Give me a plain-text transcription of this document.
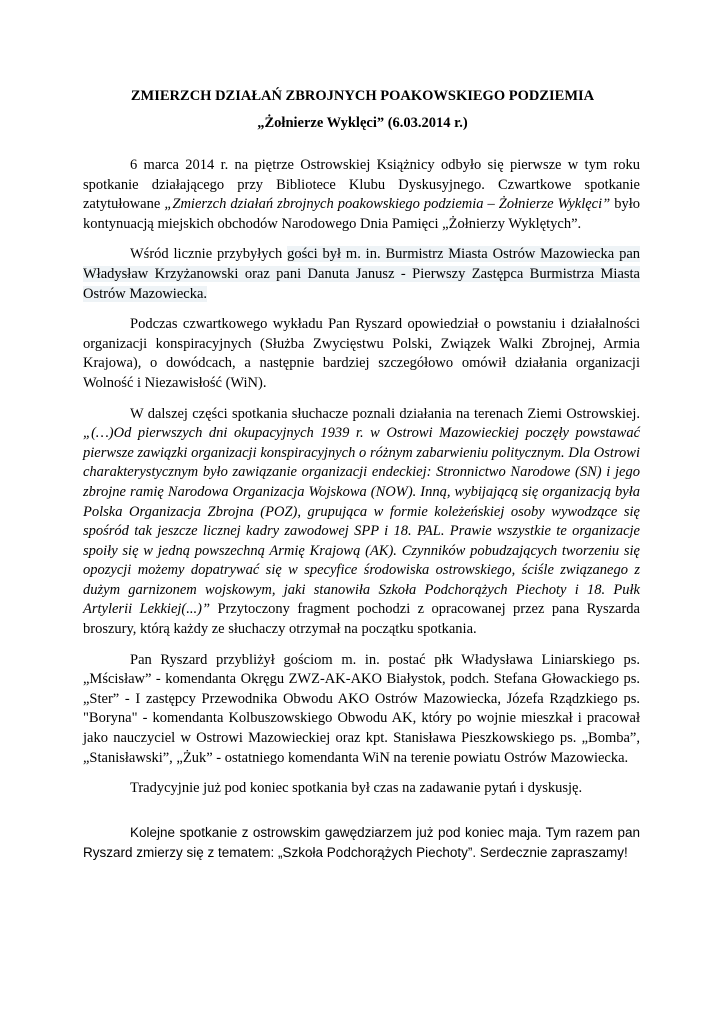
ZMIERZCH DZIAŁAŃ ZBROJNYCH POAKOWSKIEGO PODZIEMIA

„Żołnierze Wyklęci” (6.03.2014 r.)

6 marca 2014 r. na piętrze Ostrowskiej Książnicy odbyło się pierwsze w tym roku spotkanie działającego przy Bibliotece Klubu Dyskusyjnego. Czwartkowe spotkanie zatytułowane „Zmierzch działań zbrojnych poakowskiego podziemia – Żołnierze Wyklęci” było kontynuacją miejskich obchodów Narodowego Dnia Pamięci „Żołnierzy Wyklętych”.

Wśród licznie przybyłych gości był m. in. Burmistrz Miasta Ostrów Mazowiecka pan Władysław Krzyżanowski oraz pani Danuta Janusz - Pierwszy Zastępca Burmistrza Miasta Ostrów Mazowiecka.

Podczas czwartkowego wykładu Pan Ryszard opowiedział o powstaniu i działalności organizacji konspiracyjnych (Służba Zwycięstwu Polski, Związek Walki Zbrojnej, Armia Krajowa), o dowódcach, a następnie bardziej szczegółowo omówił działania organizacji Wolność i Niezawisłość (WiN).

W dalszej części spotkania słuchacze poznali działania na terenach Ziemi Ostrowskiej. „(…)Od pierwszych dni okupacyjnych 1939 r. w Ostrowi Mazowieckiej poczęły powstawać pierwsze zawiązki organizacji konspiracyjnych o różnym zabarwieniu politycznym. Dla Ostrowi charakterystycznym było zawiązanie organizacji endeckiej: Stronnictwo Narodowe (SN) i jego zbrojne ramię Narodowa Organizacja Wojskowa (NOW). Inną, wybijającą się organizacją była Polska Organizacja Zbrojna (POZ), grupująca w formie koleżeńskiej osoby wywodzące się spośród tak jeszcze licznej kadry zawodowej SPP i 18. PAL. Prawie wszystkie te organizacje spoiły się w jedną powszechną Armię Krajową (AK). Czynników pobudzających tworzeniu się opozycji możemy dopatrywać się w specyfice środowiska ostrowskiego, ściśle związanego z dużym garnizonem wojskowym, jaki stanowiła Szkoła Podchorążych Piechoty i 18. Pułk Artylerii Lekkiej(...)” Przytoczony fragment pochodzi z opracowanej przez pana Ryszarda broszury, którą każdy ze słuchaczy otrzymał na początku spotkania.

Pan Ryszard przybliżył gościom m. in. postać płk Władysława Liniarskiego ps. „Mścisław” - komendanta Okręgu ZWZ-AK-AKO Białystok, podch. Stefana Głowackiego ps. „Ster” - I zastępcy Przewodnika Obwodu AKO Ostrów Mazowiecka, Józefa Rządzkiego ps. "Boryna" - komendanta Kolbuszowskiego Obwodu AK, który po wojnie mieszkał i pracował jako nauczyciel w Ostrowi Mazowieckiej oraz kpt. Stanisława Pieszkowskiego ps. „Bomba”, „Stanisławski”, „Żuk” - ostatniego komendanta WiN na terenie powiatu Ostrów Mazowiecka.

Tradycyjnie już pod koniec spotkania był czas na zadawanie pytań i dyskusję.

Kolejne spotkanie z ostrowskim gawędziarzem już pod koniec maja. Tym razem pan Ryszard zmierzy się z tematem: „Szkoła Podchorążych Piechoty”. Serdecznie zapraszamy!
